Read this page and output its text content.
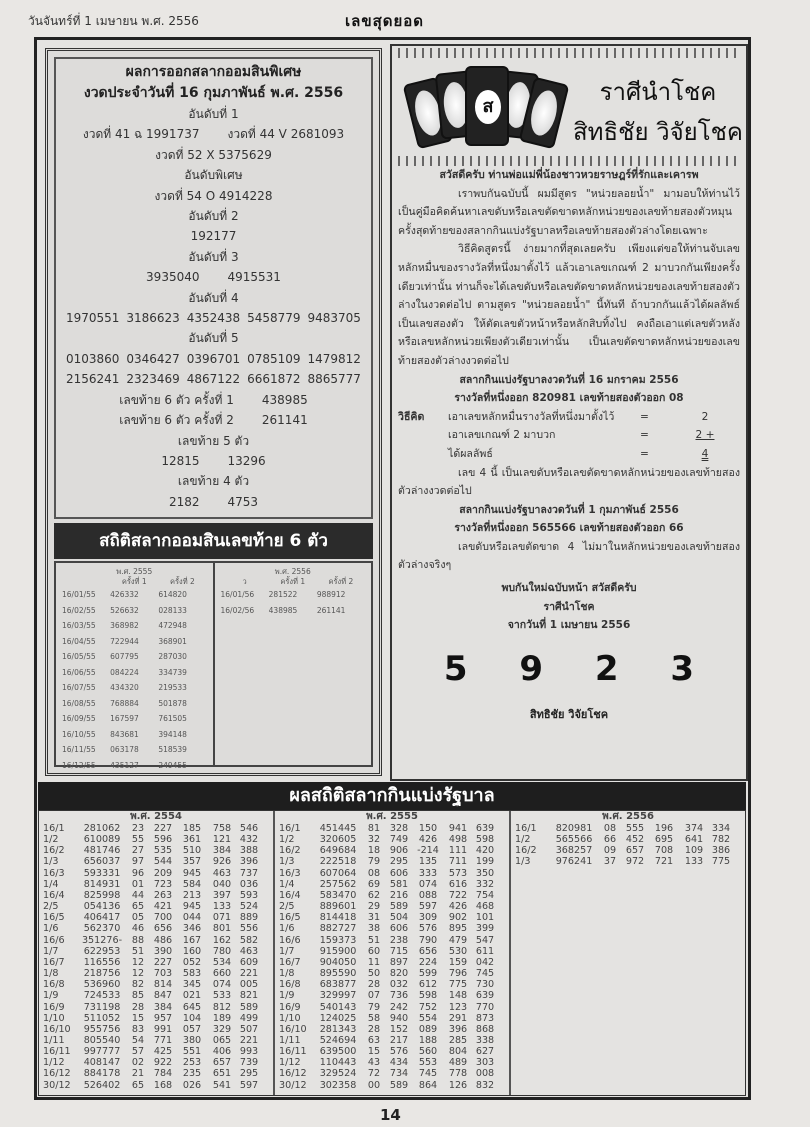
วันจันทร์ที่ 1 เมษายน พ.ศ. 2556	เลขสุดยอด
ผลการออกสลากออมสินพิเศษ
งวดประจำวันที่ 16 กุมภาพันธ์ พ.ศ. 2556
อันดับที่ 1
งวดที่ 41 ฉ 1991737 งวดที่ 44 V 2681093
งวดที่ 52 X 5375629
อันดับพิเศษ
งวดที่ 54 O 4914228
อันดับที่ 2
192177
อันดับที่ 3
3935040 4915531
อันดับที่ 4
1970551 3186623 4352438 5458779 9483705
อันดับที่ 5
0103860 0346427 0396701 0785109 1479812
2156241 2323469 4867122 6661872 8865777
เลขท้าย 6 ตัว ครั้งที่ 1 438985
เลขท้าย 6 ตัว ครั้งที่ 2 261141
เลขท้าย 5 ตัว
12815 13296
เลขท้าย 4 ตัว
2182 4753
สถิติสลากออมสินเลขท้าย 6 ตัว
พ.ศ. 2555
ครั้งที่ 1	ครั้งที่ 2
16/01/55	426332	614820
16/02/55	526632	028133
16/03/55	368982	472948
16/04/55	722944	368901
16/05/55	607795	287030
16/06/55	084224	334739
16/07/55	434320	219533
16/08/55	768884	501878
16/09/55	167597	761505
16/10/55	843681	394148
16/11/55	063178	518539
16/12/55	435127	249455
พ.ศ. 2556
ว	ครั้งที่ 1	ครั้งที่ 2
16/01/56	281522	988912
16/02/56	438985	261141
ส
ราศีนำโชค
สิทธิชัย วิจัยโชค

สวัสดีครับ ท่านพ่อแม่พี่น้องชาวหวยราษฎร์ที่รักและเคารพ

เราพบกันฉบับนี้ ผมมีสูตร "หน่วยลอยน้ำ" มามอบให้ท่านไว้เป็นคู่มือคิดค้นหาเลขดับหรือเลขตัดขาดหลักหน่วยของเลขท้ายสองตัวหมุนครั้งสุดท้ายของสลากกินแบ่งรัฐบาลหรือเลขท้ายสองตัวล่างโดยเฉพาะ

วิธีคิดสูตรนี้ ง่ายมากที่สุดเลยครับ เพียงแต่ขอให้ท่านจับเลขหลักหมื่นของรางวัลที่หนึ่งมาตั้งไว้ แล้วเอาเลขเกณฑ์ 2 มาบวกกันเพียงครั้งเดียวเท่านั้น ท่านก็จะได้เลขดับหรือเลขตัดขาดหลักหน่วยของเลขท้ายสองตัวล่างในงวดต่อไป ตามสูตร "หน่วยลอยน้ำ" นี้ทันที ถ้าบวกกันแล้วได้ผลลัพธ์เป็นเลขสองตัว ให้ตัดเลขตัวหน้าหรือหลักสิบทิ้งไป คงถือเอาแต่เลขตัวหลังหรือเลขหลักหน่วยเพียงตัวเดียวเท่านั้น เป็นเลขตัดขาดหลักหน่วยของเลขท้ายสองตัวล่างงวดต่อไป

สลากกินแบ่งรัฐบาลงวดวันที่ 16 มกราคม 2556

รางวัลที่หนึ่งออก 820981 เลขท้ายสองตัวออก 08

วิธีคิด	เอาเลขหลักหมื่นรางวัลที่หนึ่งมาตั้งไว้	=	2
เอาเลขเกณฑ์ 2 มาบวก	=	2 +
ได้ผลลัพธ์	=	4

เลข 4 นี้ เป็นเลขดับหรือเลขตัดขาดหลักหน่วยของเลขท้ายสองตัวล่างงวดต่อไป

สลากกินแบ่งรัฐบาลงวดวันที่ 1 กุมภาพันธ์ 2556

รางวัลที่หนึ่งออก 565566 เลขท้ายสองตัวออก 66

เลขดับหรือเลขตัดขาด 4 ไม่มาในหลักหน่วยของเลขท้ายสองตัวล่างจริงๆ

พบกันใหม่ฉบับหน้า สวัสดีครับ

ราศีนำโชค

จากวันที่ 1 เมษายน 2556

5 9 2 3
สิทธิชัย วิจัยโชค
ผลสถิติสลากกินแบ่งรัฐบาล
พ.ศ. 2554
16/1	281062	23	227	185	758 546
1/2	610089	55	596	361	121 432
16/2	481746	27	535	510	384 388
1/3	656037	97	544	357	926 396
16/3	593331	96	209	945	463 737
1/4	814931	01	723	584	040 036
16/4	825998	44	263	213	397 593
2/5	054136	65	421	945	133 524
16/5	406417	05	700	044	071 889
1/6	562370	46	656	346	801 556
16/6	351276-	88	486	167	162 582
1/7	622953	51	390	160	780 463
16/7	116556	12	227	052	534 609
1/8	218756	12	703	583	660 221
16/8	536960	82	814	345	074 005
1/9	724533	85	847	021	533 821
16/9	731198	28	384	645	812 589
1/10	511052	15	957	104	189 499
16/10	955756	83	991	057	329 507
1/11	805540	54	771	380	065 221
16/11	997777	57	425	551	406 993
1/12	408147	02	922	253	657 739
16/12	884178	21	784	235	651 295
30/12	526402	65	168	026	541 597
พ.ศ. 2555
16/1	451445	81	328	150	941 639
1/2	320605	32	749	426	498 598
16/2	649684	18	906 -214	111 420
1/3	222518	79	295	135	711 199
16/3	607064	08	606	333	573 350
1/4	257562	69	581	074	616 332
16/4	583470	62	216	088	722 754
2/5	889601	29	589	597	426 468
16/5	814418	31	504	309	902 101
1/6	882727	38	606	576	895 399
16/6	159373	51	238	790	479 547
1/7	915900	60	715	656	530 611
16/7	904050	11	897	224	159 042
1/8	895590	50	820	599	796 745
16/8	683877	28	032	612	775 730
1/9	329997	07	736	598	148 639
16/9	540143	79	242	752	123 770
1/10	124025	58	940	554	291 873
16/10	281343	28	152	089	396 868
1/11	524694	63	217	188	285 338
16/11	639500	15	576	560	804 627
1/12	110443	43	434	553	489 303
16/12	329524	72	734	745	778 008
30/12	302358	00	589	864	126 832
พ.ศ. 2556
16/1	820981	08	555	196	374 334
1/2	565566	66	452	695	641 782
16/2	368257	09	657	708	109 386
1/3	976241	37	972	721	133 775
14
